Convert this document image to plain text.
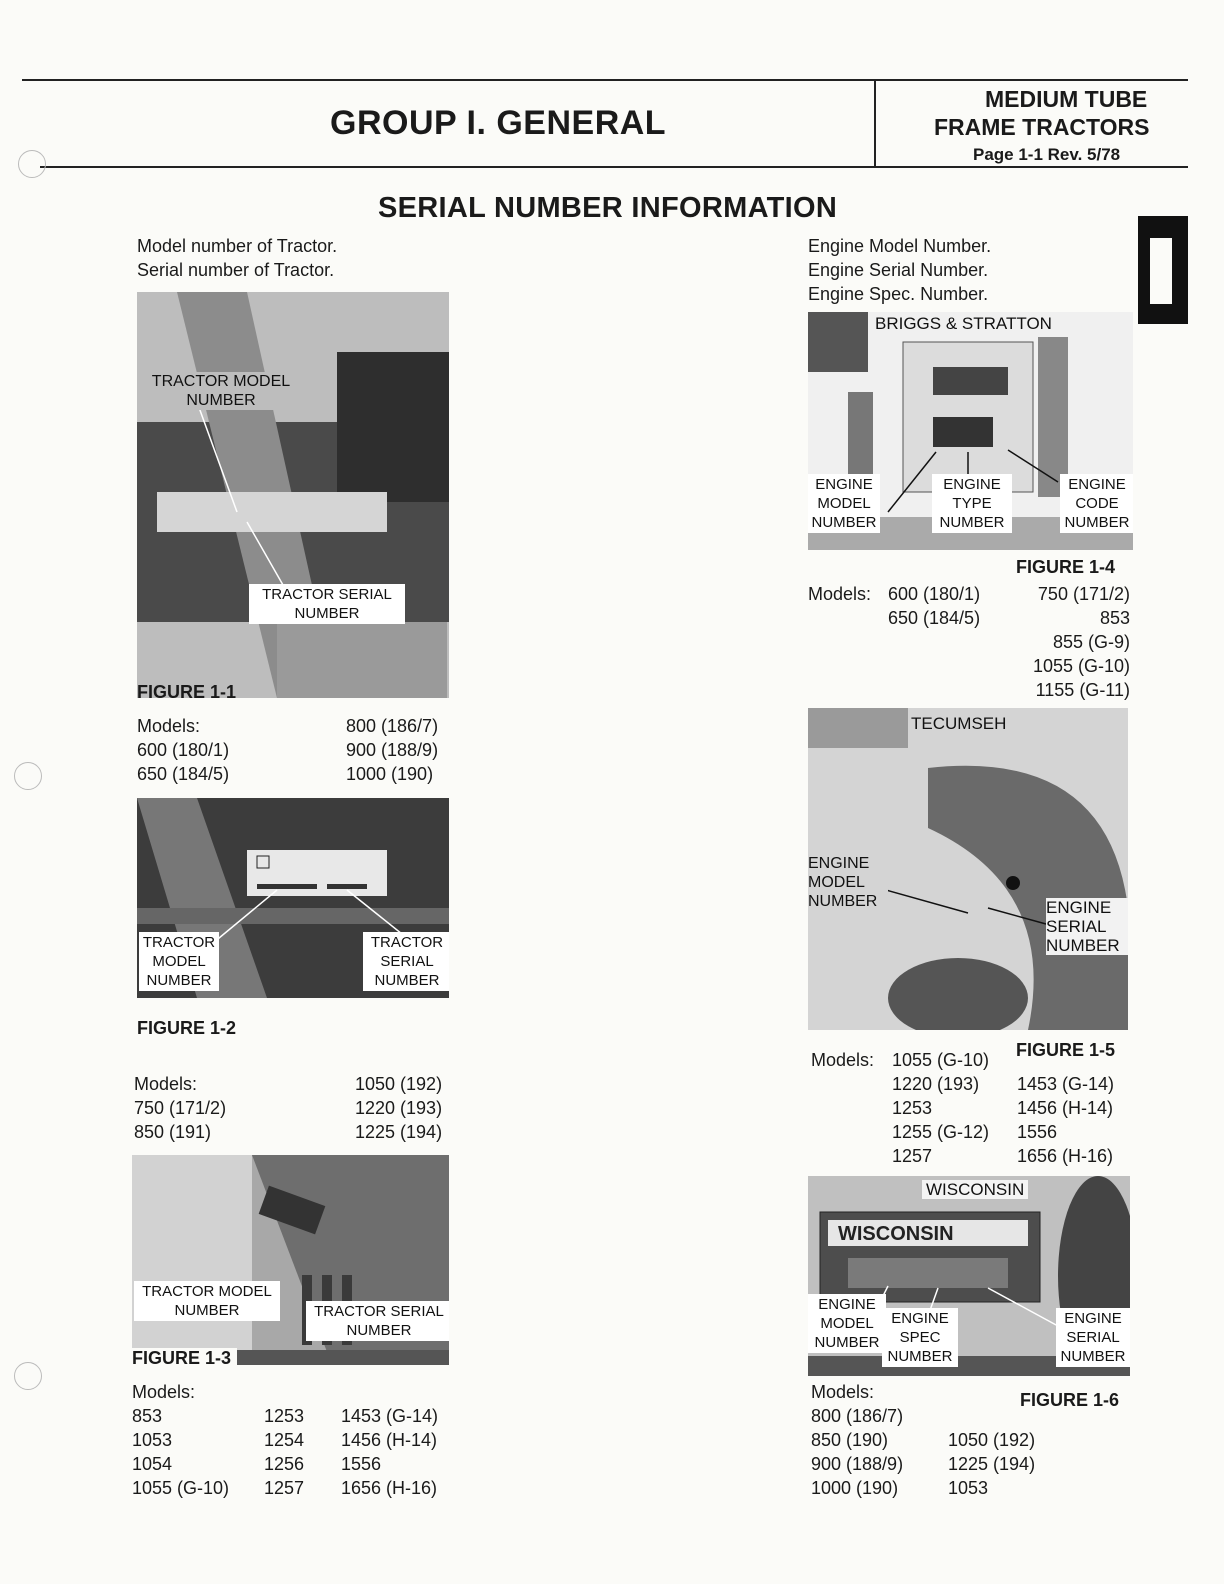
GROUP I. GENERAL
MEDIUM TUBE
FRAME TRACTORS
Page 1-1 Rev. 5/78
SERIAL NUMBER INFORMATION
Model number of Tractor.
Serial number of Tractor.
Engine Model Number.
Engine Serial Number.
Engine Spec. Number.
TRACTOR MODEL NUMBER
TRACTOR SERIAL NUMBER
FIGURE 1-1
Models:
600 (180/1)
650 (184/5)
800 (186/7)
900 (188/9)
1000 (190)
TRACTOR MODEL NUMBER
TRACTOR SERIAL NUMBER
FIGURE 1-2
Models:
750 (171/2)
850 (191)
1050 (192)
1220 (193)
1225 (194)
TRACTOR MODEL NUMBER	TRACTOR SERIAL NUMBER
FIGURE 1-3
Models:
853
1053
1054
1055 (G-10)
1253
1254
1256
1257
1453 (G-14)
1456 (H-14)
1556
1656 (H-16)
BRIGGS & STRATTON
ENGINE MODEL NUMBER
ENGINE TYPE NUMBER
ENGINE CODE NUMBER
FIGURE 1-4
Models: 600 (180/1)
650 (184/5)
750 (171/2)
853
855 (G-9)
1055 (G-10)
1155 (G-11)
TECUMSEH
ENGINE MODEL NUMBER	ENGINE SERIAL NUMBER
FIGURE 1-5
Models: 1055 (G-10)
1220 (193)
1253
1255 (G-12)
1257
1453 (G-14)
1456 (H-14)
1556
1656 (H-16)
WISCONSIN
WISCONSIN
ENGINE MODEL NUMBER
ENGINE SPEC NUMBER
ENGINE SERIAL NUMBER
FIGURE 1-6
Models:
800 (186/7)
850 (190)
900 (188/9)
1000 (190)
1050 (192)
1225 (194)
1053
